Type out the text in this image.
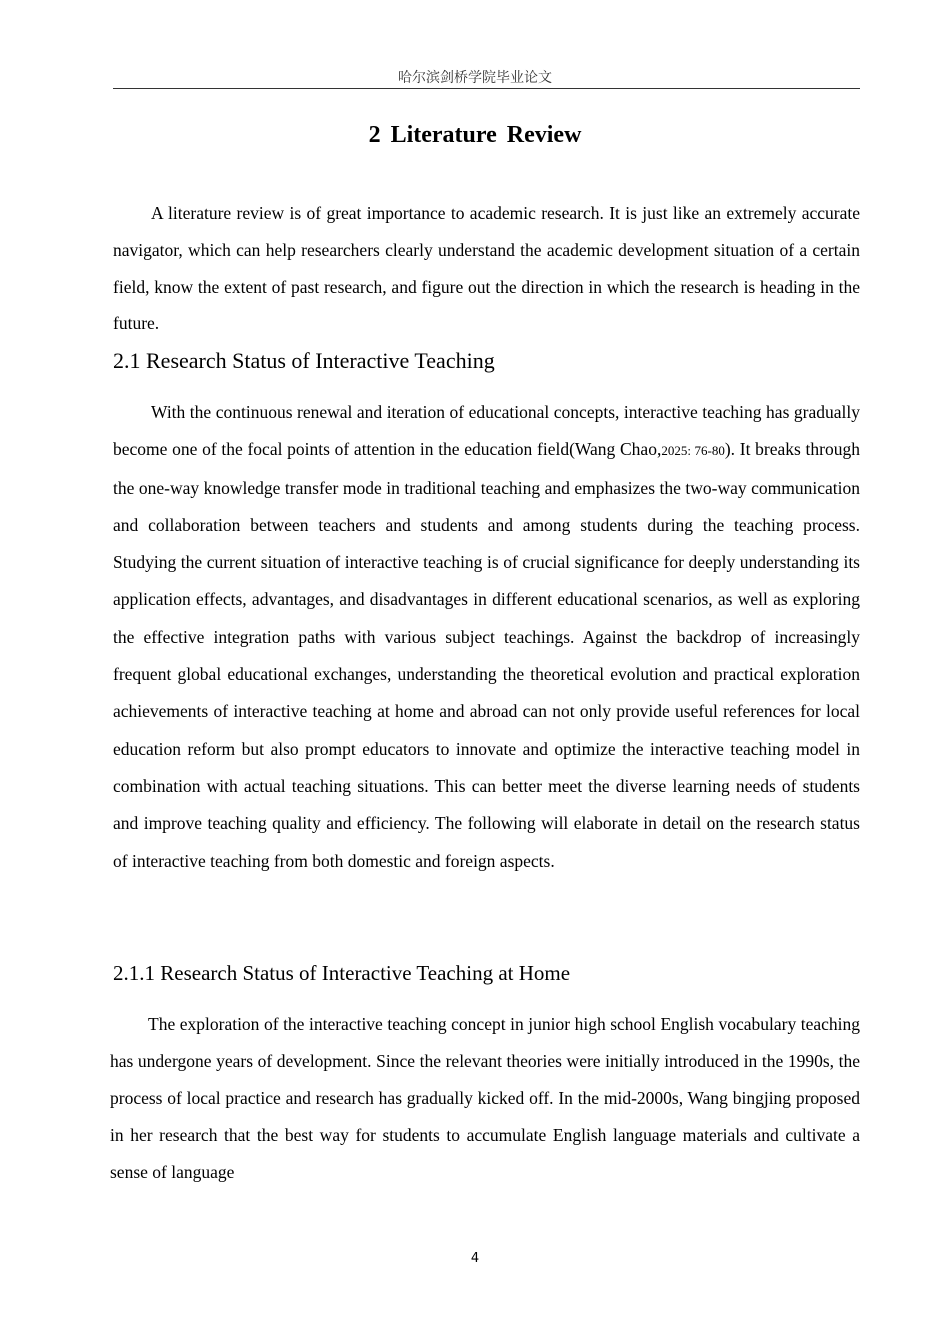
哈尔滨剑桥学院毕业论文
2 Literature Review

A literature review is of great importance to academic research. It is just like an extremely accurate navigator, which can help researchers clearly understand the academic development situation of a certain field, know the extent of past research, and figure out the direction in which the research is heading in the future.

2.1 Research Status of Interactive Teaching

With the continuous renewal and iteration of educational concepts, interactive teaching has gradually become one of the focal points of attention in the education field(Wang Chao,2025: 76-80). It breaks through the one-way knowledge transfer mode in traditional teaching and emphasizes the two-way communication and collaboration between teachers and students and among students during the teaching process. Studying the current situation of interactive teaching is of crucial significance for deeply understanding its application effects, advantages, and disadvantages in different educational scenarios, as well as exploring the effective integration paths with various subject teachings. Against the backdrop of increasingly frequent global educational exchanges, understanding the theoretical evolution and practical exploration achievements of interactive teaching at home and abroad can not only provide useful references for local education reform but also prompt educators to innovate and optimize the interactive teaching model in combination with actual teaching situations. This can better meet the diverse learning needs of students and improve teaching quality and efficiency. The following will elaborate in detail on the research status of interactive teaching from both domestic and foreign aspects.

2.1.1 Research Status of Interactive Teaching at Home

The exploration of the interactive teaching concept in junior high school English vocabulary teaching has undergone years of development. Since the relevant theories were initially introduced in the 1990s, the process of local practice and research has gradually kicked off. In the mid-2000s, Wang bingjing proposed in her research that the best way for students to accumulate English language materials and cultivate a sense of language

4
